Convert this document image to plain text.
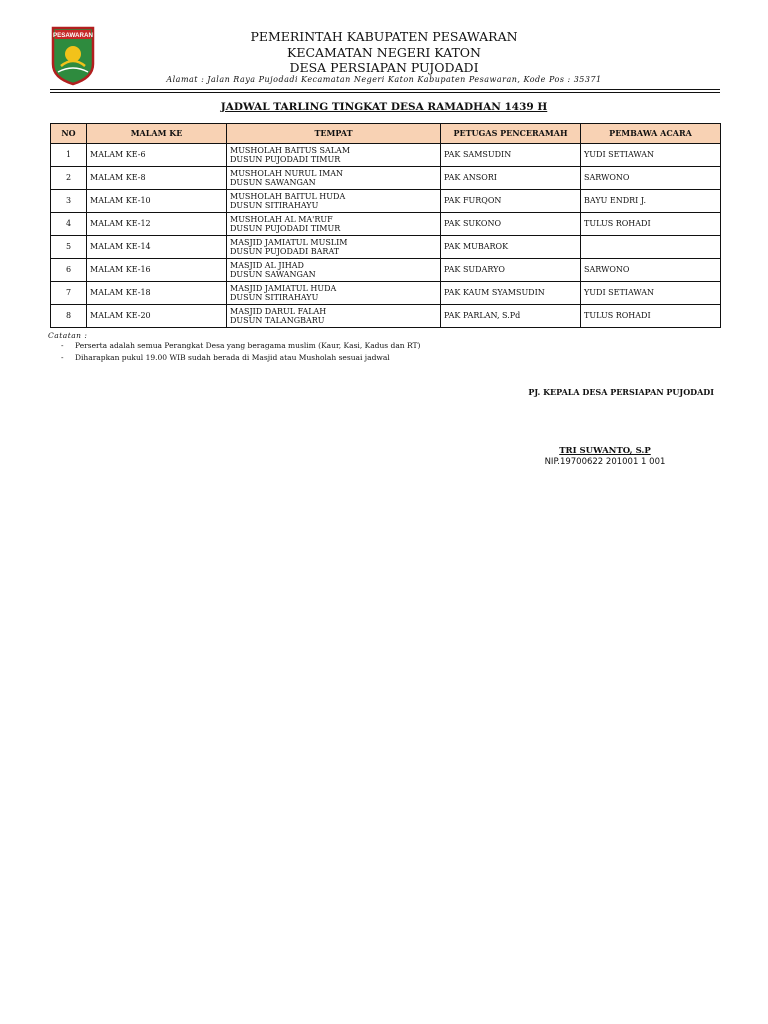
PESAWARAN	PEMERINTAH KABUPATEN PESAWARAN
KECAMATAN NEGERI KATON
DESA PERSIAPAN PUJODADI
Alamat : Jalan Raya Pujodadi Kecamatan Negeri Katon Kabupaten Pesawaran, Kode Pos : 35371
JADWAL TARLING TINGKAT DESA RAMADHAN 1439 H
NO	MALAM KE	TEMPAT	PETUGAS PENCERAMAH	PEMBAWA ACARA
1	MALAM KE-6	MUSHOLAH BAITUS SALAM
DUSUN PUJODADI TIMUR	PAK SAMSUDIN	YUDI SETIAWAN
2	MALAM KE-8	MUSHOLAH NURUL IMAN
DUSUN SAWANGAN	PAK ANSORI	SARWONO
3	MALAM KE-10	MUSHOLAH BAITUL HUDA
DUSUN SITIRAHAYU	PAK FURQON	BAYU ENDRI J.
4	MALAM KE-12	MUSHOLAH AL MA'RUF
DUSUN PUJODADI TIMUR	PAK SUKONO	TULUS ROHADI
5	MALAM KE-14	MASJID JAMIATUL MUSLIM
DUSUN PUJODADI BARAT	PAK MUBAROK	
6	MALAM KE-16	MASJID AL JIHAD
DUSUN SAWANGAN	PAK SUDARYO	SARWONO
7	MALAM KE-18	MASJID JAMIATUL HUDA
DUSUN SITIRAHAYU	PAK KAUM SYAMSUDIN	YUDI SETIAWAN
8	MALAM KE-20	MASJID DARUL FALAH
DUSUN TALANGBARU	PAK PARLAN, S.Pd	TULUS ROHADI
Catatan :
- Perserta adalah semua Perangkat Desa yang beragama muslim (Kaur, Kasi, Kadus dan RT)
- Diharapkan pukul 19.00 WIB sudah berada di Masjid atau Musholah sesuai jadwal
PJ. KEPALA DESA PERSIAPAN PUJODADI
TRI SUWANTO, S.P
NIP.19700622 201001 1 001
